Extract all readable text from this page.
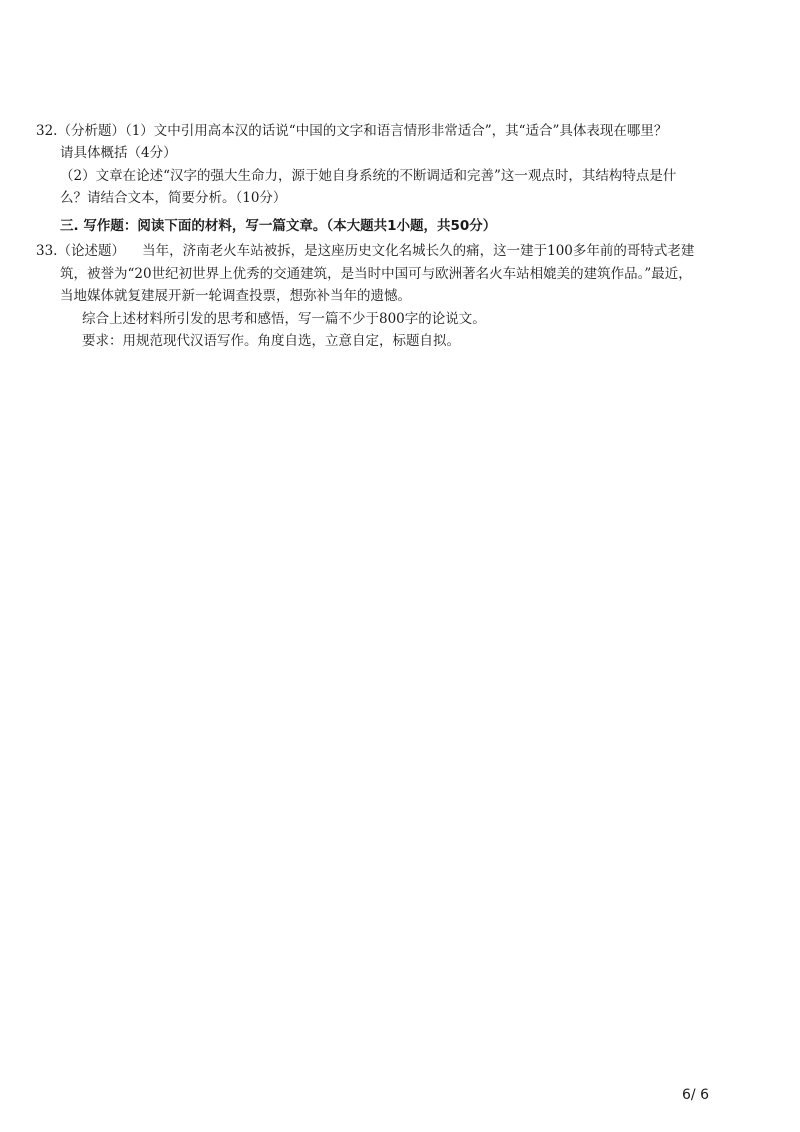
32.（分析题）（1）文中引用高本汉的话说“中国的文字和语言情形非常适合”，其“适合”具体表现在哪里？
请具体概括（4分）
（2）文章在论述“汉字的强大生命力，源于她自身系统的不断调适和完善”这一观点时，其结构特点是什
么？请结合文本，简要分析。（10分）
三. 写作题：阅读下面的材料，写一篇文章。（本大题共1小题，共50分）
33.（论述题）    当年，济南老火车站被拆，是这座历史文化名城长久的痛，这一建于100多年前的哥特式老建
筑，被誉为“20世纪初世界上优秀的交通建筑，是当时中国可与欧洲著名火车站相媲美的建筑作品。”最近，
当地媒体就复建展开新一轮调查投票，想弥补当年的遗憾。
综合上述材料所引发的思考和感悟，写一篇不少于800字的论说文。
要求：用规范现代汉语写作。角度自选，立意自定，标题自拟。
6/ 6
